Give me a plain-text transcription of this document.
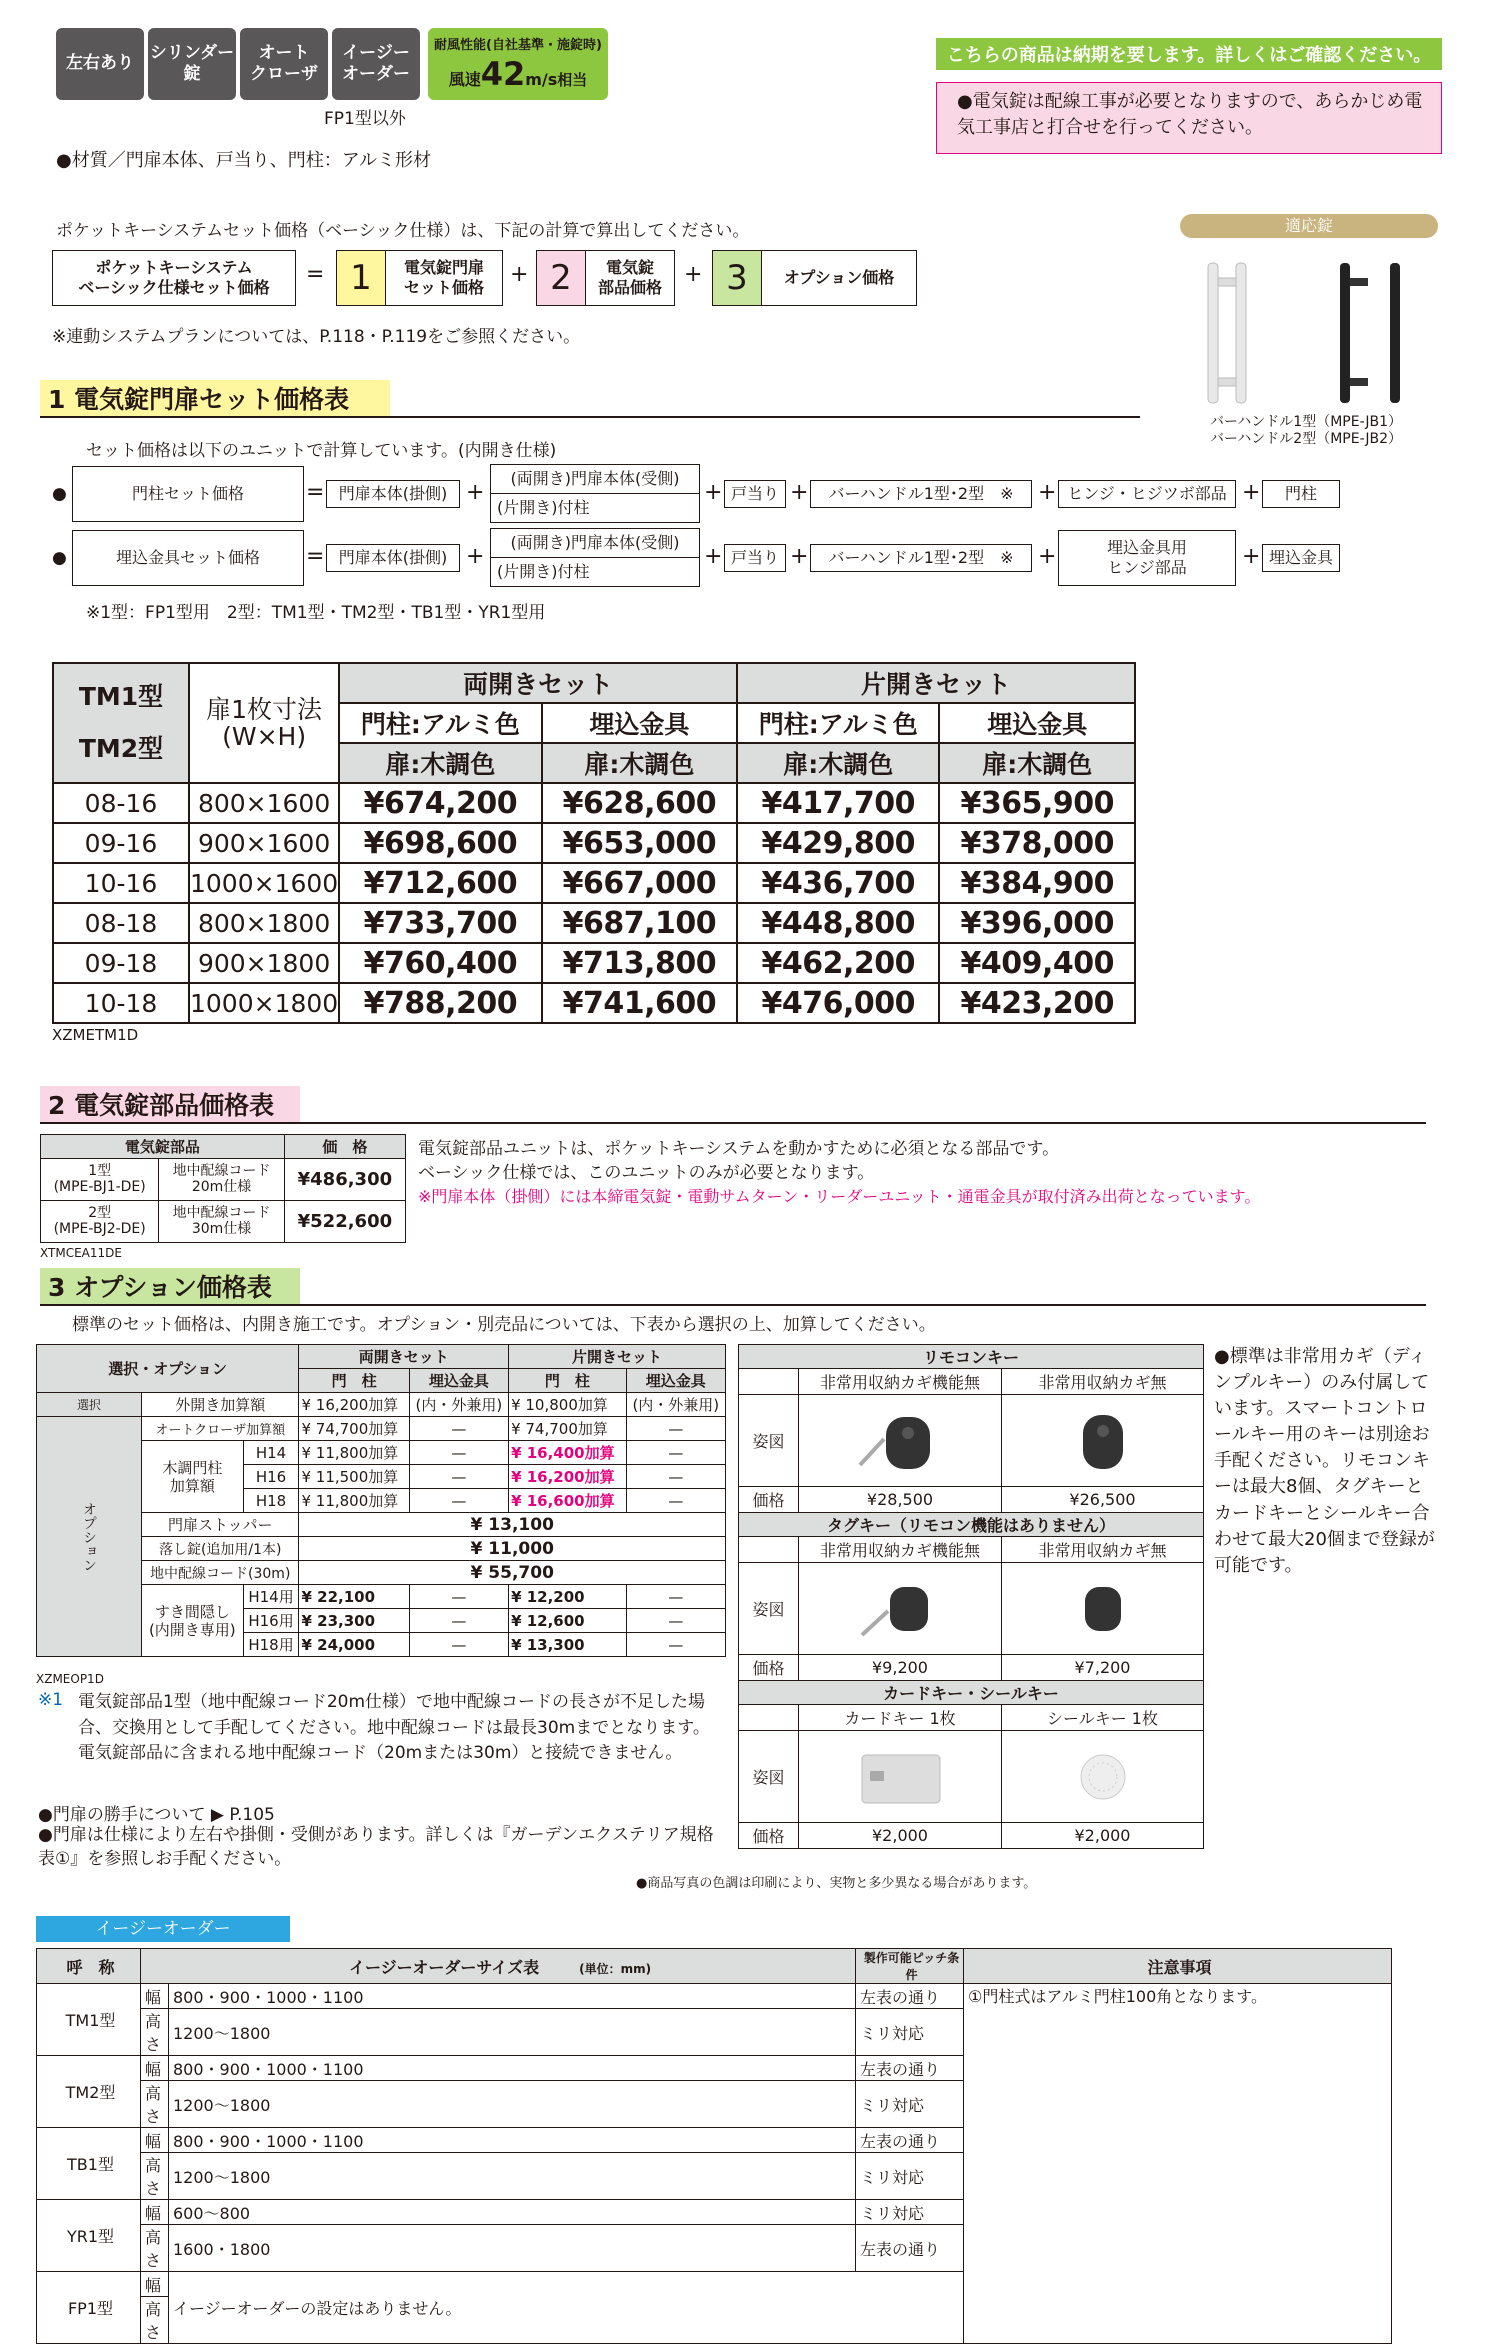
左右あり
シリンダー
錠
オート
クローザ
イージー
オーダー
耐風性能(自社基準・施錠時)
風速42m/s相当
FP1型以外
●材質／門扉本体、戸当り、門柱：アルミ形材
こちらの商品は納期を要します。詳しくはご確認ください。
●電気錠は配線工事が必要となりますので、あらかじめ電気工事店と打合せを行ってください。
ポケットキーシステムセット価格（ベーシック仕様）は、下記の計算で算出してください。
ポケットキーシステム
ベーシック仕様セット価格
= 1	電気錠門扉
セット価格
+ 2	電気錠
部品価格
+ 3	オプション価格
※連動システムプランについては、P.118・P.119をご参照ください。
適応錠
バーハンドル1型（MPE-JB1）
バーハンドル2型（MPE-JB2）
1 電気錠門扉セット価格表
セット価格は以下のユニットで計算しています。(内開き仕様)
●	門柱セット価格	= 門扉本体(掛側) +
(両開き)門扉本体(受側)
(片開き)付柱
+ 戸当り +	バーハンドル1型･2型　※	+ ヒンジ・ヒジツボ部品 +	門柱
●	埋込金具セット価格	= 門扉本体(掛側) +
(両開き)門扉本体(受側)
(片開き)付柱
+ 戸当り +	バーハンドル1型･2型　※	+	埋込金具用
ヒンジ部品	+ 埋込金具
※1型：FP1型用　2型：TM1型・TM2型・TB1型・YR1型用
TM1型

TM2型	扉1枚寸法
(W×H)	両開きセット		片開きセット	
		門柱:アルミ色	埋込金具	門柱:アルミ色	埋込金具
		扉:木調色	扉:木調色	扉:木調色	扉:木調色
08-16	800×1600	¥674,200	¥628,600	¥417,700	¥365,900
09-16	900×1600	¥698,600	¥653,000	¥429,800	¥378,000
10-16	1000×1600	¥712,600	¥667,000	¥436,700	¥384,900
08-18	800×1800	¥733,700	¥687,100	¥448,800	¥396,000
09-18	900×1800	¥760,400	¥713,800	¥462,200	¥409,400
10-18	1000×1800	¥788,200	¥741,600	¥476,000	¥423,200
XZMETM1D
2 電気錠部品価格表
電気錠部品		価　格
1型
(MPE-BJ1-DE)	地中配線コード
20m仕様	¥486,300
2型
(MPE-BJ2-DE)	地中配線コード
30m仕様	¥522,600
XTMCEA11DE
電気錠部品ユニットは、ポケットキーシステムを動かすために必須となる部品です。
ベーシック仕様では、このユニットのみが必要となります。
※門扉本体（掛側）には本締電気錠・電動サムターン・リーダーユニット・通電金具が取付済み出荷となっています。
3 オプション価格表
標準のセット価格は、内開き施工です。オプション・別売品については、下表から選択の上、加算してください。
選択・オプション			両開きセット		片開きセット	
			門　柱	埋込金具	門　柱	埋込金具
選択	外開き加算額		¥ 16,200加算	(内・外兼用)	¥ 10,800加算	(内・外兼用)
オプション	オートクローザ加算額		¥ 74,700加算	—	¥ 74,700加算	—
	木調門柱
加算額	H14	¥ 11,800加算	—	¥ 16,400加算	—
		H16	¥ 11,500加算	—	¥ 16,200加算	—
		H18	¥ 11,800加算	—	¥ 16,600加算	—
	門扉ストッパー		¥ 13,100			
	落し錠(追加用/1本)		¥ 11,000			
	地中配線コード(30m)		¥ 55,700			
	すき間隠し
(内開き専用)	H14用	¥ 22,100	—	¥ 12,200	—
		H16用	¥ 23,300	—	¥ 12,600	—
		H18用	¥ 24,000	—	¥ 13,300	—
XZMEOP1D
※1 電気錠部品1型（地中配線コード20m仕様）で地中配線コードの長さが不足した場合、交換用として手配してください。地中配線コードは最長30mまでとなります。電気錠部品に含まれる地中配線コード（20mまたは30m）と接続できません。
●門扉の勝手について ▶ P.105
●門扉は仕様により左右や掛側・受側があります。詳しくは『ガーデンエクステリア規格表①』を参照しお手配ください。
リモコンキー		
	非常用収納カギ機能無	非常用収納カギ無
姿図	

価格	¥28,500	¥26,500
タグキー（リモコン機能はありません）		
	非常用収納カギ機能無	非常用収納カギ無
姿図	

価格	¥9,200	¥7,200
カードキー・シールキー		
	カードキー 1枚	シールキー 1枚
姿図	

価格	¥2,000	¥2,000
●商品写真の色調は印刷により、実物と多少異なる場合があります。
●標準は非常用カギ（ディンプルキー）のみ付属しています。スマートコントロールキー用のキーは別途お手配ください。リモコンキーは最大8個、タグキーとカードキーとシールキー合わせて最大20個まで登録が可能です。
イージーオーダー
呼　称	イージーオーダーサイズ表 (単位：mm)		製作可能ピッチ条件	注意事項
TM1型	幅	800・900・1000・1100	左表の通り	①門柱式はアルミ門柱100角となります。
	高さ	1200〜1800	ミリ対応	
TM2型	幅	800・900・1000・1100	左表の通り	
	高さ	1200〜1800	ミリ対応	
TB1型	幅	800・900・1000・1100	左表の通り	
	高さ	1200〜1800	ミリ対応	
YR1型	幅	600〜800	ミリ対応	
	高さ	1600・1800	左表の通り	
FP1型	幅	イージーオーダーの設定はありません。		
	高さ			
